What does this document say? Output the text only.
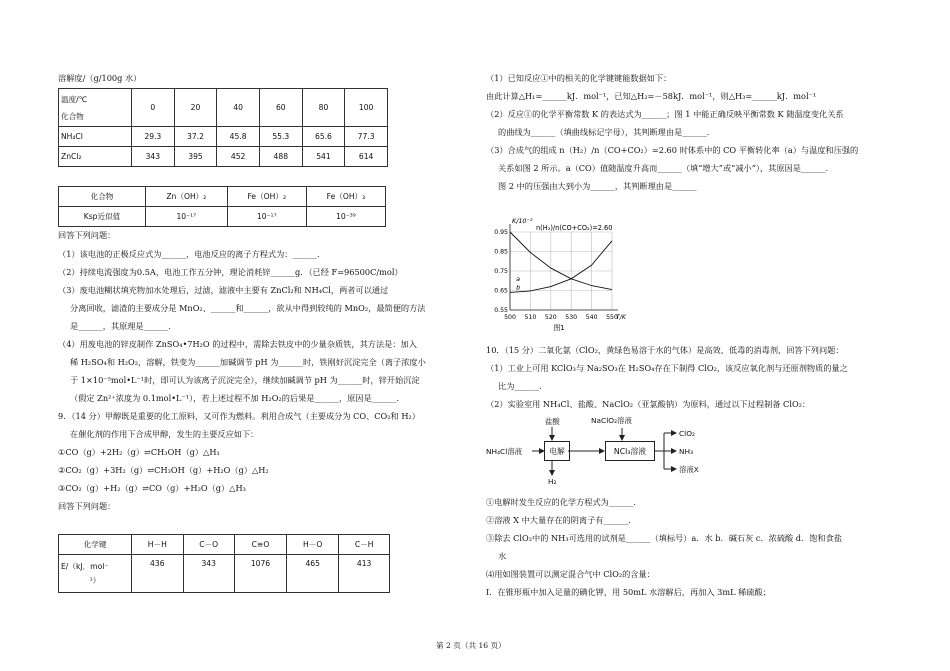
溶解度/（g/100g 水）
温度/℃
化合物	0	20	40	60	80	100
NH₄Cl	29.3	37.2	45.8	55.3	65.6	77.3
ZnCl₂	343	395	452	488	541	614
化合物	Zn（OH）₂	Fe（OH）₂	Fe（OH）₃
Ksp近似值	10⁻¹⁷	10⁻¹⁷	10⁻³⁹
回答下列问题：
（1）该电池的正极反应式为______，电池反应的离子方程式为：______.
（2）持续电流强度为0.5A，电池工作五分钟，理论消耗锌______g．（已经 F=96500C/mol）
（3）废电池糊状填充物加水处理后，过滤，滤液中主要有 ZnCl₂和 NH₄Cl，两者可以通过
分离回收，滤渣的主要成分是 MnO₂、______和______，欲从中得到较纯的 MnO₂，最简便的方法
是______，其原理是______.
（4）用废电池的锌皮制作 ZnSO₄•7H₂O 的过程中，需除去铁皮中的少量杂质铁，其方法是：加入
稀 H₂SO₄和 H₂O₂，溶解，铁变为______加碱调节 pH 为______时，铁刚好沉淀完全（离子浓度小
于 1×10⁻⁵mol•L⁻¹时，即可认为该离子沉淀完全），继续加碱调节 pH 为______时，锌开始沉淀
（假定 Zn²⁺浓度为 0.1mol•L⁻¹），若上述过程不加 H₂O₂的后果是______，原因是______.
9．（14 分）甲醇既是重要的化工原料，又可作为燃料。利用合成气（主要成分为 CO、CO₂和 H₂）
在催化剂的作用下合成甲醇，发生的主要反应如下：
①CO（g）+2H₂（g）⇌CH₃OH（g）△H₁
②CO₂（g）+3H₂（g）⇌CH₃OH（g）+H₂O（g）△H₂
③CO₂（g）+H₂（g）⇌CO（g）+H₂O（g）△H₃
回答下列问题：
化学键	H－H	C－O	C≡O	H－O	C－H

E/（kJ．mol⁻
¹）	436	343	1076	465	413
（1）已知反应①中的相关的化学键键能数据如下：
由此计算△H₁=______kJ．mol⁻¹，已知△H₂=－58kJ．mol⁻¹，则△H₃=______kJ．mol⁻¹
（2）反应①的化学平衡常数 K 的表达式为______；图 1 中能正确反映平衡常数 K 随温度变化关系
的曲线为______（填曲线标记字母），其判断理由是______.
（3）合成气的组成 n（H₂）/n（CO+CO₂）=2.60 时体系中的 CO 平衡转化率（a）与温度和压强的
关系如图 2 所示。a（CO）值随温度升高而______（填“增大”或“减小”），其原因是______.
图 2 中的压强由大到小为______，其判断理由是______
500 510 520 530 540 550
0.95
0.85
0.75
0.65
0.55
a
b
K/10⁻²
n(H₂)/n(CO+CO₂)=2.60
T/K
图1
10．（15 分）二氧化氯（ClO₂，黄绿色易溶于水的气体）是高效、低毒的消毒剂，回答下列问题：
（1）工业上可用 KClO₃与 Na₂SO₃在 H₂SO₄存在下制得 ClO₂，该反应氧化剂与还原剂物质的量之
比为______.
（2）实验室用 NH₄Cl、盐酸、NaClO₂（亚氯酸钠）为原料，通过以下过程制备 ClO₂：
NH₄Cl溶液
盐酸
电解
H₂
NaClO₂溶液
NCl₃溶液
ClO₂
NH₃
溶液X
①电解时发生反应的化学方程式为______.
②溶液 X 中大量存在的阴离子有______.
③除去 ClO₂中的 NH₃可选用的试剂是______（填标号）a．水 b．碱石灰 c．浓硫酸 d．饱和食盐
水
⑷用如图装置可以测定混合气中 ClO₂的含量：
I．在锥形瓶中加入足量的碘化钾，用 50mL 水溶解后，再加入 3mL 稀硫酸；
第 2 页（共 16 页）
